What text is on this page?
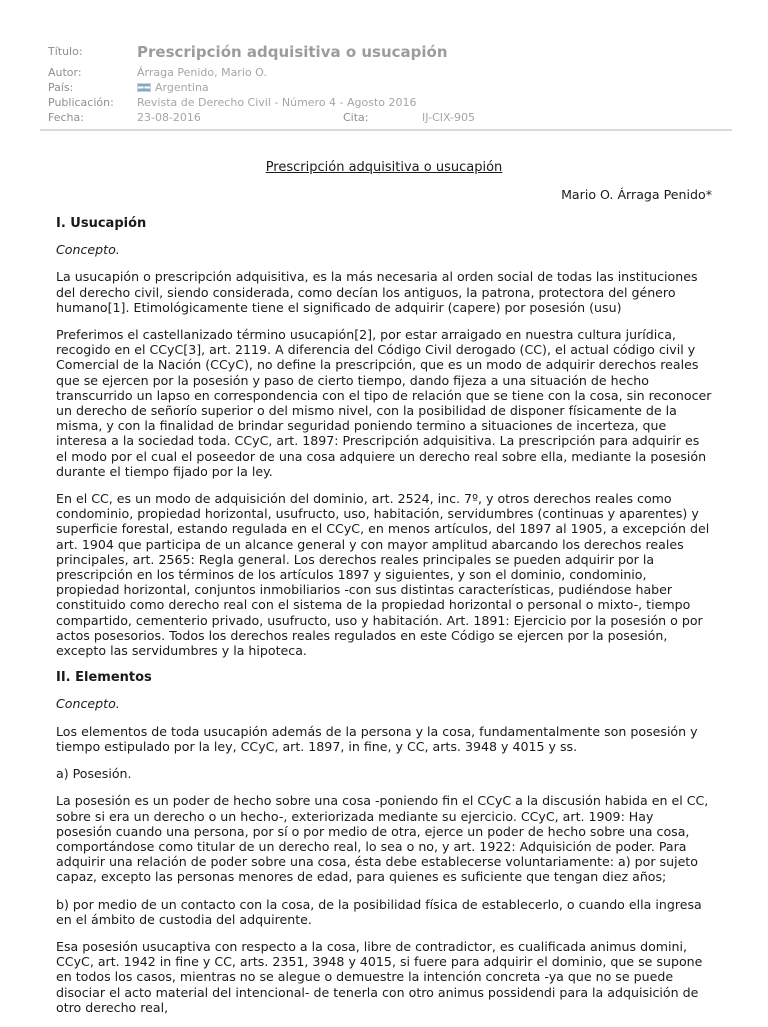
Título:	Prescripción adquisitiva o usucapión
Autor:	Árraga Penido, Mario O.
País:	Argentina
Publicación: Revista de Derecho Civil - Número 4 - Agosto 2016
Fecha:	23-08-2016	Cita:	IJ-CIX-905
Prescripción adquisitiva o usucapión
Mario O. Árraga Penido*
I. Usucapión

Concepto.

La usucapión o prescripción adquisitiva, es la más necesaria al orden social de todas las instituciones del derecho civil, siendo considerada, como decían los antiguos, la patrona, protectora del género humano[1]. Etimológicamente tiene el significado de adquirir (capere) por posesión (usu)

Preferimos el castellanizado término usucapión[2], por estar arraigado en nuestra cultura jurídica, recogido en el CCyC[3], art. 2119. A diferencia del Código Civil derogado (CC), el actual código civil y Comercial de la Nación (CCyC), no define la prescripción, que es un modo de adquirir derechos reales que se ejercen por la posesión y paso de cierto tiempo, dando fijeza a una situación de hecho transcurrido un lapso en correspondencia con el tipo de relación que se tiene con la cosa, sin reconocer un derecho de señorío superior o del mismo nivel, con la posibilidad de disponer físicamente de la misma, y con la finalidad de brindar seguridad poniendo termino a situaciones de incerteza, que interesa a la sociedad toda. CCyC, art. 1897: Prescripción adquisitiva. La prescripción para adquirir es el modo por el cual el poseedor de una cosa adquiere un derecho real sobre ella, mediante la posesión durante el tiempo fijado por la ley.

En el CC, es un modo de adquisición del dominio, art. 2524, inc. 7º, y otros derechos reales como condominio, propiedad horizontal, usufructo, uso, habitación, servidumbres (continuas y aparentes) y superficie forestal, estando regulada en el CCyC, en menos artículos, del 1897 al 1905, a excepción del art. 1904 que participa de un alcance general y con mayor amplitud abarcando los derechos reales principales, art. 2565: Regla general. Los derechos reales principales se pueden adquirir por la prescripción en los términos de los artículos 1897 y siguientes, y son el dominio, condominio, propiedad horizontal, conjuntos inmobiliarios -con sus distintas características, pudiéndose haber constituido como derecho real con el sistema de la propiedad horizontal o personal o mixto-, tiempo compartido, cementerio privado, usufructo, uso y habitación. Art. 1891: Ejercicio por la posesión o por actos posesorios. Todos los derechos reales regulados en este Código se ejercen por la posesión, excepto las servidumbres y la hipoteca.

II. Elementos

Concepto.

Los elementos de toda usucapión además de la persona y la cosa, fundamentalmente son posesión y tiempo estipulado por la ley, CCyC, art. 1897, in fine, y CC, arts. 3948 y 4015 y ss.

a) Posesión.

La posesión es un poder de hecho sobre una cosa -poniendo fin el CCyC a la discusión habida en el CC, sobre si era un derecho o un hecho-, exteriorizada mediante su ejercicio. CCyC, art. 1909: Hay posesión cuando una persona, por sí o por medio de otra, ejerce un poder de hecho sobre una cosa, comportándose como titular de un derecho real, lo sea o no, y art. 1922: Adquisición de poder. Para adquirir una relación de poder sobre una cosa, ésta debe establecerse voluntariamente: a) por sujeto capaz, excepto las personas menores de edad, para quienes es suficiente que tengan diez años;

b) por medio de un contacto con la cosa, de la posibilidad física de establecerlo, o cuando ella ingresa en el ámbito de custodia del adquirente.

Esa posesión usucaptiva con respecto a la cosa, libre de contradictor, es cualificada animus domini, CCyC, art. 1942 in fine y CC, arts. 2351, 3948 y 4015, si fuere para adquirir el dominio, que se supone en todos los casos, mientras no se alegue o demuestre la intención concreta -ya que no se puede disociar el acto material del intencional- de tenerla con otro animus possidendi para la adquisición de otro derecho real,
